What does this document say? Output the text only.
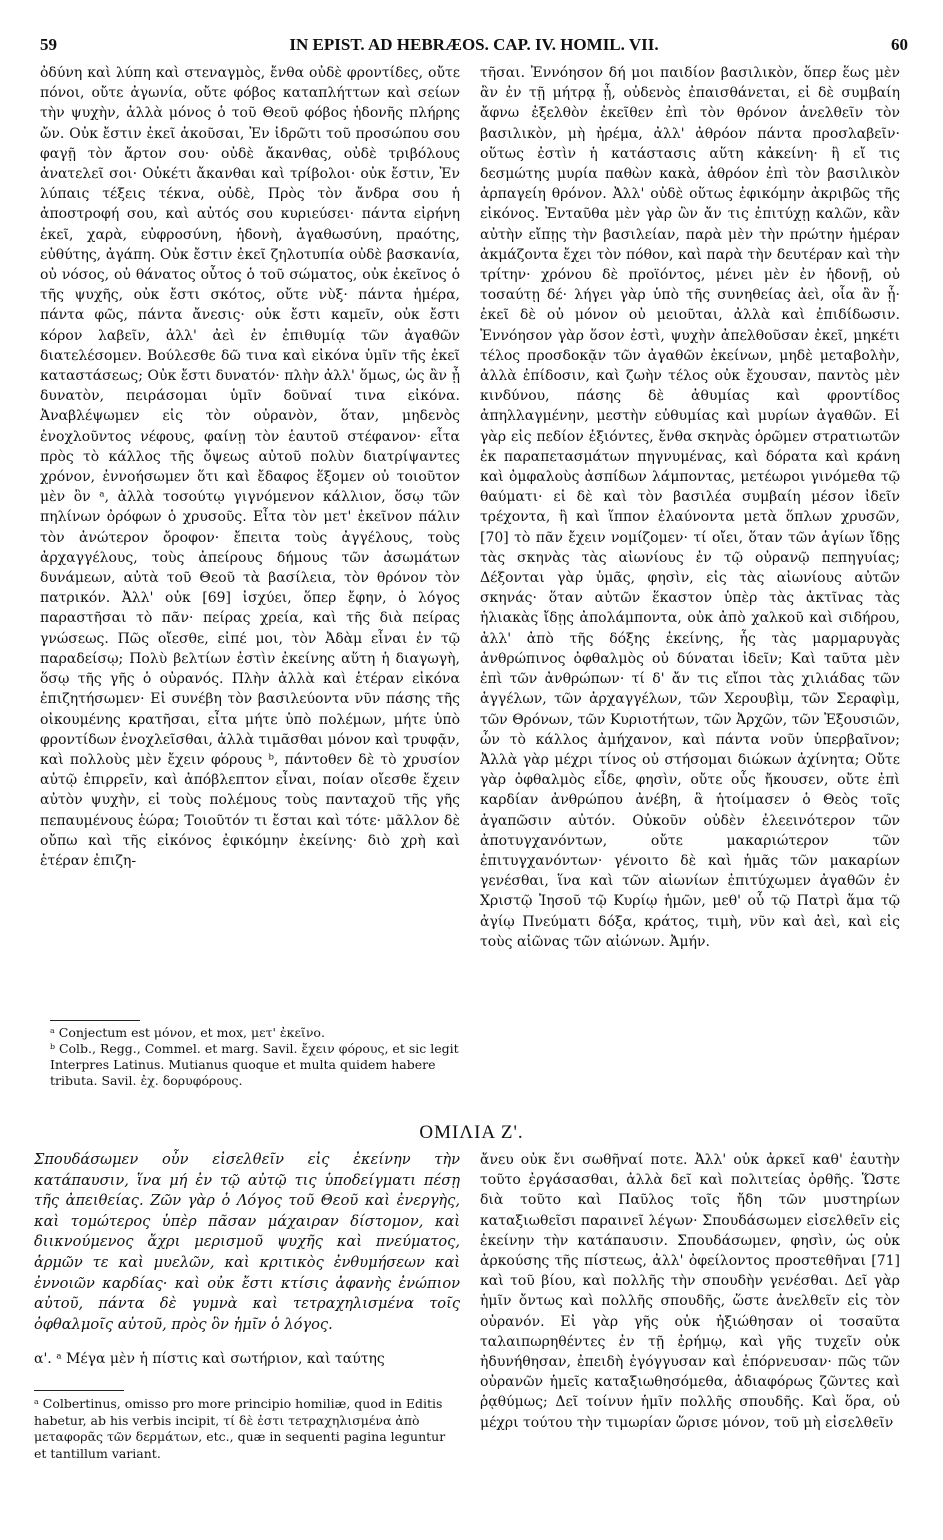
59	IN EPIST. AD HEBRÆOS. CAP. IV. HOMIL. VII.	60

ὀδύνη καὶ λύπη καὶ στεναγμὸς, ἔνθα οὐδὲ φροντίδες, οὔτε πόνοι, οὔτε ἀγωνία, οὔτε φόβος καταπλήττων καὶ σείων τὴν ψυχὴν, ἀλλὰ μόνος ὁ τοῦ Θεοῦ φόβος ἡδονῆς πλήρης ὤν. Οὐκ ἔστιν ἐκεῖ ἀκοῦσαι, Ἐν ἱδρῶτι τοῦ προσώπου σου φαγῇ τὸν ἄρτον σου· οὐδὲ ἄκανθας, οὐδὲ τριβόλους ἀνατελεῖ σοι· Οὐκέτι ἄκανθαι καὶ τρίβολοι· οὐκ ἔστιν, Ἐν λύπαις τέξεις τέκνα, οὐδὲ, Πρὸς τὸν ἄνδρα σου ἡ ἀποστροφή σου, καὶ αὐτός σου κυριεύσει· πάντα εἰρήνη ἐκεῖ, χαρὰ, εὐφροσύνη, ἡδονὴ, ἀγαθωσύνη, πραότης, εὐθύτης, ἀγάπη. Οὐκ ἔστιν ἐκεῖ ζηλοτυπία οὐδὲ βασκανία, οὐ νόσος, οὐ θάνατος οὗτος ὁ τοῦ σώματος, οὐκ ἐκεῖνος ὁ τῆς ψυχῆς, οὐκ ἔστι σκότος, οὔτε νὺξ· πάντα ἡμέρα, πάντα φῶς, πάντα ἄνεσις· οὐκ ἔστι καμεῖν, οὐκ ἔστι κόρον λαβεῖν, ἀλλ' ἀεὶ ἐν ἐπιθυμίᾳ τῶν ἀγαθῶν διατελέσομεν. Βούλεσθε δῶ τινα καὶ εἰκόνα ὑμῖν τῆς ἐκεῖ καταστάσεως; Οὐκ ἔστι δυνατόν· πλὴν ἀλλ' ὅμως, ὡς ἂν ᾖ δυνατὸν, πειράσομαι ὑμῖν δοῦναί τινα εἰκόνα. Ἀναβλέψωμεν εἰς τὸν οὐρανὸν, ὅταν, μηδενὸς ἐνοχλοῦντος νέφους, φαίνῃ τὸν ἑαυτοῦ στέφανον· εἶτα πρὸς τὸ κάλλος τῆς ὄψεως αὐτοῦ πολὺν διατρίψαντες χρόνον, ἐννοήσωμεν ὅτι καὶ ἔδαφος ἕξομεν οὐ τοιοῦτον μὲν ὂν ᵃ, ἀλλὰ τοσούτῳ γιγνόμενον κάλλιον, ὅσῳ τῶν πηλίνων ὀρόφων ὁ χρυσοῦς. Εἶτα τὸν μετ' ἐκεῖνον πάλιν τὸν ἀνώτερον ὄροφον· ἔπειτα τοὺς ἀγγέλους, τοὺς ἀρχαγγέλους, τοὺς ἀπείρους δήμους τῶν ἀσωμάτων δυνάμεων, αὐτὰ τοῦ Θεοῦ τὰ βασίλεια, τὸν θρόνον τὸν πατρικόν. Ἀλλ' οὐκ [69] ἰσχύει, ὅπερ ἔφην, ὁ λόγος παραστῆσαι τὸ πᾶν· πείρας χρεία, καὶ τῆς διὰ πείρας γνώσεως. Πῶς οἴεσθε, εἰπέ μοι, τὸν Ἀδὰμ εἶναι ἐν τῷ παραδείσῳ; Πολὺ βελτίων ἐστὶν ἐκείνης αὕτη ἡ διαγωγὴ, ὅσῳ τῆς γῆς ὁ οὐρανός. Πλὴν ἀλλὰ καὶ ἑτέραν εἰκόνα ἐπιζητήσωμεν· Εἰ συνέβη τὸν βασιλεύοντα νῦν πάσης τῆς οἰκουμένης κρατῆσαι, εἶτα μήτε ὑπὸ πολέμων, μήτε ὑπὸ φροντίδων ἐνοχλεῖσθαι, ἀλλὰ τιμᾶσθαι μόνον καὶ τρυφᾷν, καὶ πολλοὺς μὲν ἔχειν φόρους ᵇ, πάντοθεν δὲ τὸ χρυσίον αὐτῷ ἐπιρρεῖν, καὶ ἀπόβλεπτον εἶναι, ποίαν οἴεσθε ἔχειν αὐτὸν ψυχὴν, εἰ τοὺς πολέμους τοὺς πανταχοῦ τῆς γῆς πεπαυμένους ἑώρα; Τοιοῦτόν τι ἔσται καὶ τότε· μᾶλλον δὲ οὔπω καὶ τῆς εἰκόνος ἐφικόμην ἐκείνης· διὸ χρὴ καὶ ἑτέραν ἐπιζη-

ᵃ Conjectum est μόνον, et mox, μετ' ἐκεῖνο.

ᵇ Colb., Regg., Commel. et marg. Savil. ἔχειν φόρους, et sic legit Interpres Latinus. Mutianus quoque et multa quidem habere tributa. Savil. ἐχ. δορυφόρους.

τῆσαι. Ἐννόησον δή μοι παιδίον βασιλικὸν, ὅπερ ἕως μὲν ἂν ἐν τῇ μήτρᾳ ᾖ, οὐδενὸς ἐπαισθάνεται, εἰ δὲ συμβαίη ἄφνω ἐξελθὸν ἐκεῖθεν ἐπὶ τὸν θρόνον ἀνελθεῖν τὸν βασιλικὸν, μὴ ἠρέμα, ἀλλ' ἀθρόον πάντα προσλαβεῖν· οὕτως ἐστὶν ἡ κατάστασις αὕτη κἀκείνη· ἢ εἴ τις δεσμώτης μυρία παθὼν κακὰ, ἀθρόον ἐπὶ τὸν βασιλικὸν ἁρπαγείη θρόνον. Ἀλλ' οὐδὲ οὕτως ἐφικόμην ἀκριβῶς τῆς εἰκόνος. Ἐνταῦθα μὲν γὰρ ὢν ἄν τις ἐπιτύχῃ καλῶν, κἂν αὐτὴν εἴπῃς τὴν βασιλείαν, παρὰ μὲν τὴν πρώτην ἡμέραν ἀκμάζοντα ἔχει τὸν πόθον, καὶ παρὰ τὴν δευτέραν καὶ τὴν τρίτην· χρόνου δὲ προϊόντος, μένει μὲν ἐν ἡδονῇ, οὐ τοσαύτῃ δέ· λήγει γὰρ ὑπὸ τῆς συνηθείας ἀεὶ, οἷα ἂν ᾖ· ἐκεῖ δὲ οὐ μόνον οὐ μειοῦται, ἀλλὰ καὶ ἐπιδίδωσιν. Ἐννόησον γὰρ ὅσον ἐστὶ, ψυχὴν ἀπελθοῦσαν ἐκεῖ, μηκέτι τέλος προσδοκᾷν τῶν ἀγαθῶν ἐκείνων, μηδὲ μεταβολὴν, ἀλλὰ ἐπίδοσιν, καὶ ζωὴν τέλος οὐκ ἔχουσαν, παντὸς μὲν κινδύνου, πάσης δὲ ἀθυμίας καὶ φροντίδος ἀπηλλαγμένην, μεστὴν εὐθυμίας καὶ μυρίων ἀγαθῶν. Εἰ γὰρ εἰς πεδίον ἐξιόντες, ἔνθα σκηνὰς ὁρῶμεν στρατιωτῶν ἐκ παραπετασμάτων πηγνυμένας, καὶ δόρατα καὶ κράνη καὶ ὀμφαλοὺς ἀσπίδων λάμποντας, μετέωροι γινόμεθα τῷ θαύματι· εἰ δὲ καὶ τὸν βασιλέα συμβαίη μέσον ἰδεῖν τρέχοντα, ἢ καὶ ἵππον ἐλαύνοντα μετὰ ὅπλων χρυσῶν, [70] τὸ πᾶν ἔχειν νομίζομεν· τί οἴει, ὅταν τῶν ἁγίων ἴδῃς τὰς σκηνὰς τὰς αἰωνίους ἐν τῷ οὐρανῷ πεπηγυίας; Δέξονται γὰρ ὑμᾶς, φησὶν, εἰς τὰς αἰωνίους αὐτῶν σκηνάς· ὅταν αὐτῶν ἕκαστον ὑπὲρ τὰς ἀκτῖνας τὰς ἡλιακὰς ἴδῃς ἀπολάμποντα, οὐκ ἀπὸ χαλκοῦ καὶ σιδήρου, ἀλλ' ἀπὸ τῆς δόξης ἐκείνης, ἧς τὰς μαρμαρυγὰς ἀνθρώπινος ὀφθαλμὸς οὐ δύναται ἰδεῖν; Καὶ ταῦτα μὲν ἐπὶ τῶν ἀνθρώπων· τί δ' ἄν τις εἴποι τὰς χιλιάδας τῶν ἀγγέλων, τῶν ἀρχαγγέλων, τῶν Χερουβὶμ, τῶν Σεραφὶμ, τῶν Θρόνων, τῶν Κυριοτήτων, τῶν Ἀρχῶν, τῶν Ἐξουσιῶν, ὧν τὸ κάλλος ἀμήχανον, καὶ πάντα νοῦν ὑπερβαῖνον; Ἀλλὰ γὰρ μέχρι τίνος οὐ στήσομαι διώκων ἀχίνητα; Οὔτε γὰρ ὀφθαλμὸς εἶδε, φησὶν, οὔτε οὖς ἤκουσεν, οὔτε ἐπὶ καρδίαν ἀνθρώπου ἀνέβη, ἃ ἡτοίμασεν ὁ Θεὸς τοῖς ἀγαπῶσιν αὐτόν. Οὐκοῦν οὐδὲν ἐλεεινότερον τῶν ἀποτυγχανόντων, οὔτε μακαριώτερον τῶν ἐπιτυγχανόντων· γένοιτο δὲ καὶ ἡμᾶς τῶν μακαρίων γενέσθαι, ἵνα καὶ τῶν αἰωνίων ἐπιτύχωμεν ἀγαθῶν ἐν Χριστῷ Ἰησοῦ τῷ Κυρίῳ ἡμῶν, μεθ' οὗ τῷ Πατρὶ ἅμα τῷ ἁγίῳ Πνεύματι δόξα, κράτος, τιμὴ, νῦν καὶ ἀεὶ, καὶ εἰς τοὺς αἰῶνας τῶν αἰώνων. Ἀμήν.

ΟΜΙΛΙΑ Ζ'.

Σπουδάσωμεν οὖν εἰσελθεῖν εἰς ἐκείνην τὴν κατάπαυσιν, ἵνα μή ἐν τῷ αὐτῷ τις ὑποδείγματι πέσῃ τῆς ἀπειθείας. Ζῶν γὰρ ὁ Λόγος τοῦ Θεοῦ καὶ ἐνεργὴς, καὶ τομώτερος ὑπὲρ πᾶσαν μάχαιραν δίστομον, καὶ διικνούμενος ἄχρι μερισμοῦ ψυχῆς καὶ πνεύματος, ἁρμῶν τε καὶ μυελῶν, καὶ κριτικὸς ἐνθυμήσεων καὶ ἐννοιῶν καρδίας· καὶ οὐκ ἔστι κτίσις ἀφανὴς ἐνώπιον αὐτοῦ, πάντα δὲ γυμνὰ καὶ τετραχηλισμένα τοῖς ὀφθαλμοῖς αὐτοῦ, πρὸς ὃν ἡμῖν ὁ λόγος.

α'. ᵃ Μέγα μὲν ἡ πίστις καὶ σωτήριον, καὶ ταύτης

ᵃ Colbertinus, omisso pro more principio homiliæ, quod in Editis habetur, ab his verbis incipit, τί δὲ ἐστι τετραχηλισμένα ἀπὸ μεταφορᾶς τῶν δερμάτων, etc., quæ in sequenti pagina leguntur et tantillum variant.

ἄνευ οὐκ ἔνι σωθῆναί ποτε. Ἀλλ' οὐκ ἀρκεῖ καθ' ἑαυτὴν τοῦτο ἐργάσασθαι, ἀλλὰ δεῖ καὶ πολιτείας ὀρθῆς. Ὥστε διὰ τοῦτο καὶ Παῦλος τοῖς ἤδη τῶν μυστηρίων καταξιωθεῖσι παραινεῖ λέγων· Σπουδάσωμεν εἰσελθεῖν εἰς ἐκείνην τὴν κατάπαυσιν. Σπουδάσωμεν, φησὶν, ὡς οὐκ ἀρκούσης τῆς πίστεως, ἀλλ' ὀφείλοντος προστεθῆναι [71] καὶ τοῦ βίου, καὶ πολλῆς τὴν σπουδὴν γενέσθαι. Δεῖ γὰρ ἡμῖν ὄντως καὶ πολλῆς σπουδῆς, ὥστε ἀνελθεῖν εἰς τὸν οὐρανόν. Εἰ γὰρ γῆς οὐκ ἠξιώθησαν οἱ τοσαῦτα ταλαιπωρηθέντες ἐν τῇ ἐρήμῳ, καὶ γῆς τυχεῖν οὐκ ἠδυνήθησαν, ἐπειδὴ ἐγόγγυσαν καὶ ἐπόρνευσαν· πῶς τῶν οὐρανῶν ἡμεῖς καταξιωθησόμεθα, ἀδιαφόρως ζῶντες καὶ ῥᾳθύμως; Δεῖ τοίνυν ἡμῖν πολλῆς σπουδῆς. Καὶ ὅρα, οὐ μέχρι τούτου τὴν τιμωρίαν ὥρισε μόνον, τοῦ μὴ εἰσελθεῖν
